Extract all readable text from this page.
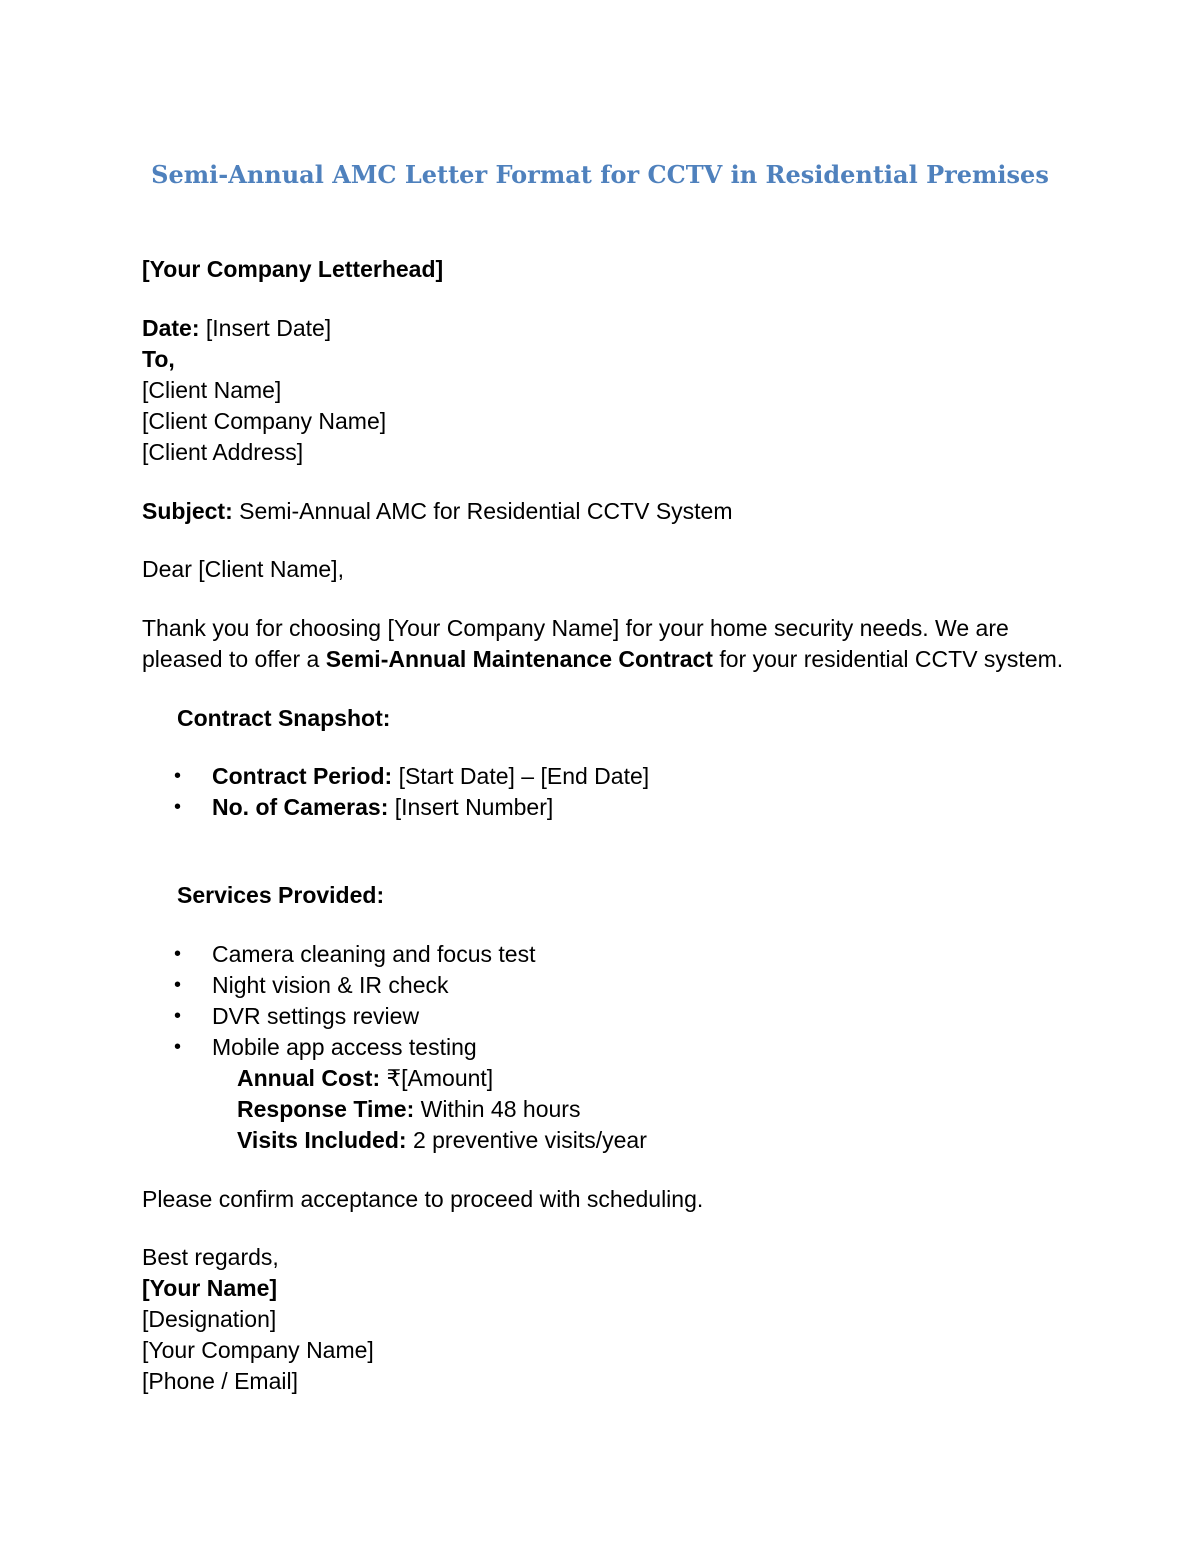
Semi-Annual AMC Letter Format for CCTV in Residential Premises
[Your Company Letterhead]
Date: [Insert Date]
To,
[Client Name]
[Client Company Name]
[Client Address]
Subject: Semi-Annual AMC for Residential CCTV System
Dear [Client Name],
Thank you for choosing [Your Company Name] for your home security needs. We are
pleased to offer a Semi-Annual Maintenance Contract for your residential CCTV system.
Contract Snapshot:
• Contract Period: [Start Date] – [End Date]
• No. of Cameras: [Insert Number]
Services Provided:
• Camera cleaning and focus test
• Night vision & IR check
• DVR settings review
• Mobile app access testing
Annual Cost: ₹[Amount]
Response Time: Within 48 hours
Visits Included: 2 preventive visits/year
Please confirm acceptance to proceed with scheduling.
Best regards,
[Your Name]
[Designation]
[Your Company Name]
[Phone / Email]
